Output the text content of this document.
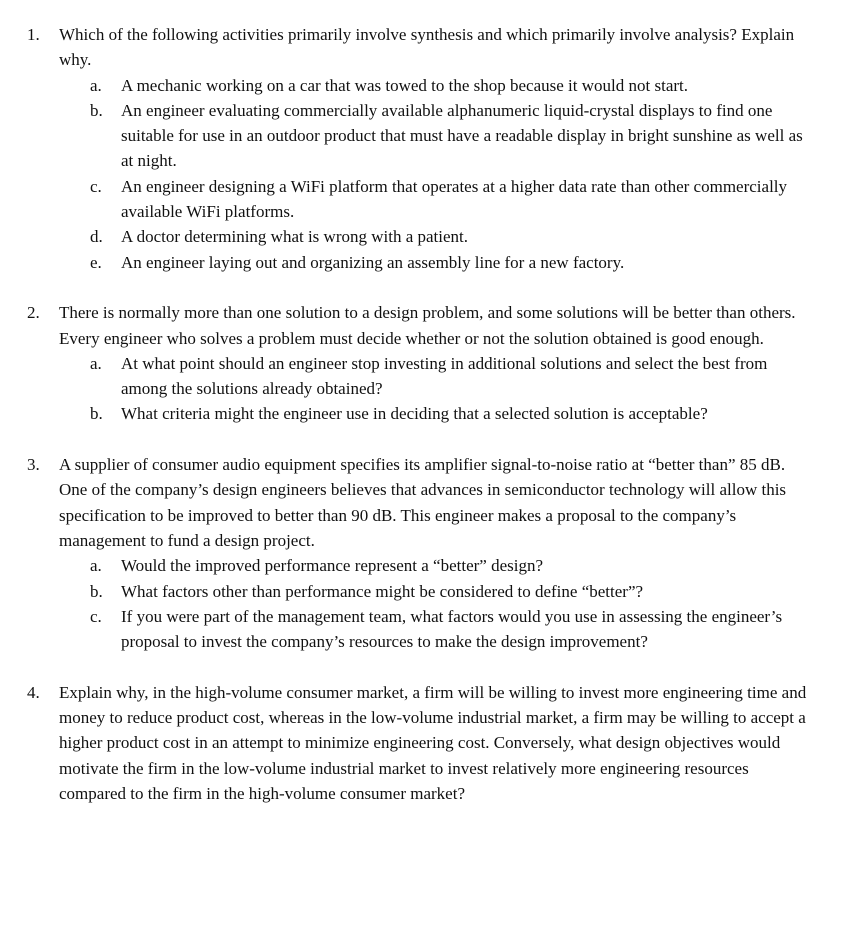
1. Which of the following activities primarily involve synthesis and which primarily involve analysis? Explain why.
a. A mechanic working on a car that was towed to the shop because it would not start.
b. An engineer evaluating commercially available alphanumeric liquid-crystal displays to find one suitable for use in an outdoor product that must have a readable display in bright sunshine as well as at night.
c. An engineer designing a WiFi platform that operates at a higher data rate than other commercially available WiFi platforms.
d. A doctor determining what is wrong with a patient.
e. An engineer laying out and organizing an assembly line for a new factory.
2. There is normally more than one solution to a design problem, and some solutions will be better than others. Every engineer who solves a problem must decide whether or not the solution obtained is good enough.
a. At what point should an engineer stop investing in additional solutions and select the best from among the solutions already obtained?
b. What criteria might the engineer use in deciding that a selected solution is acceptable?
3. A supplier of consumer audio equipment specifies its amplifier signal-to-noise ratio at “better than” 85 dB. One of the company’s design engineers believes that advances in semiconductor technology will allow this specification to be improved to better than 90 dB. This engineer makes a proposal to the company’s management to fund a design project.
a. Would the improved performance represent a “better” design?
b. What factors other than performance might be considered to define “better”?
c. If you were part of the management team, what factors would you use in assessing the engineer’s proposal to invest the company’s resources to make the design improvement?
4. Explain why, in the high-volume consumer market, a firm will be willing to invest more engineering time and money to reduce product cost, whereas in the low-volume industrial market, a firm may be willing to accept a higher product cost in an attempt to minimize engineering cost. Conversely, what design objectives would motivate the firm in the low-volume industrial market to invest relatively more engineering resources compared to the firm in the high-volume consumer market?
